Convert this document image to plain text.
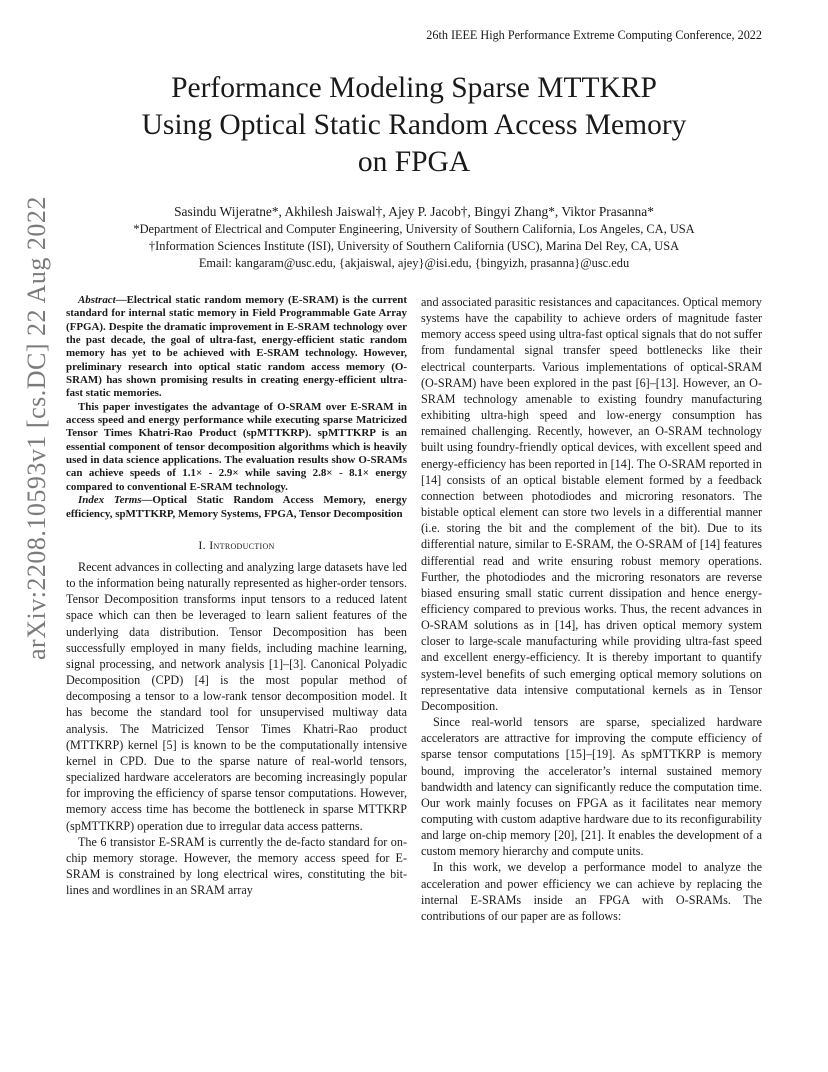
26th IEEE High Performance Extreme Computing Conference, 2022
Performance Modeling Sparse MTTKRP
Using Optical Static Random Access Memory
on FPGA
Sasindu Wijeratne*, Akhilesh Jaiswal†, Ajey P. Jacob†, Bingyi Zhang*, Viktor Prasanna*
*Department of Electrical and Computer Engineering, University of Southern California, Los Angeles, CA, USA
†Information Sciences Institute (ISI), University of Southern California (USC), Marina Del Rey, CA, USA
Email: kangaram@usc.edu, {akjaiswal, ajey}@isi.edu, {bingyizh, prasanna}@usc.edu
arXiv:2208.10593v1 [cs.DC] 22 Aug 2022	Abstract—Electrical static random memory (E-SRAM) is the current standard for internal static memory in Field Programmable Gate Array (FPGA). Despite the dramatic improvement in E-SRAM technology over the past decade, the goal of ultra-fast, energy-efficient static random memory has yet to be achieved with E-SRAM technology. However, preliminary research into optical static random access memory (O-SRAM) has shown promising results in creating energy-efficient ultra-fast static memories.

This paper investigates the advantage of O-SRAM over E-SRAM in access speed and energy performance while executing sparse Matricized Tensor Times Khatri-Rao Product (spMTTKRP). spMTTKRP is an essential component of tensor decomposition algorithms which is heavily used in data science applications. The evaluation results show O-SRAMs can achieve speeds of 1.1× - 2.9× while saving 2.8× - 8.1× energy compared to conventional E-SRAM technology.

Index Terms—Optical Static Random Access Memory, energy efficiency, spMTTKRP, Memory Systems, FPGA, Tensor Decomposition

I. Introduction

Recent advances in collecting and analyzing large datasets have led to the information being naturally represented as higher-order tensors. Tensor Decomposition transforms input tensors to a reduced latent space which can then be leveraged to learn salient features of the underlying data distribution. Tensor Decomposition has been successfully employed in many fields, including machine learning, signal processing, and network analysis [1]–[3]. Canonical Polyadic Decomposition (CPD) [4] is the most popular method of decomposing a tensor to a low-rank tensor decomposition model. It has become the standard tool for unsupervised multiway data analysis. The Matricized Tensor Times Khatri-Rao product (MTTKRP) kernel [5] is known to be the computationally intensive kernel in CPD. Due to the sparse nature of real-world tensors, specialized hardware accelerators are becoming increasingly popular for improving the efficiency of sparse tensor computations. However, memory access time has become the bottleneck in sparse MTTKRP (spMTTKRP) operation due to irregular data access patterns.

The 6 transistor E-SRAM is currently the de-facto standard for on-chip memory storage. However, the memory access speed for E-SRAM is constrained by long electrical wires, constituting the bit-lines and wordlines in an SRAM array

and associated parasitic resistances and capacitances. Optical memory systems have the capability to achieve orders of magnitude faster memory access speed using ultra-fast optical signals that do not suffer from fundamental signal transfer speed bottlenecks like their electrical counterparts. Various implementations of optical-SRAM (O-SRAM) have been explored in the past [6]–[13]. However, an O-SRAM technology amenable to existing foundry manufacturing exhibiting ultra-high speed and low-energy consumption has remained challenging. Recently, however, an O-SRAM technology built using foundry-friendly optical devices, with excellent speed and energy-efficiency has been reported in [14]. The O-SRAM reported in [14] consists of an optical bistable element formed by a feedback connection between photodiodes and microring resonators. The bistable optical element can store two levels in a differential manner (i.e. storing the bit and the complement of the bit). Due to its differential nature, similar to E-SRAM, the O-SRAM of [14] features differential read and write ensuring robust memory operations. Further, the photodiodes and the microring resonators are reverse biased ensuring small static current dissipation and hence energy-efficiency compared to previous works. Thus, the recent advances in O-SRAM solutions as in [14], has driven optical memory system closer to large-scale manufacturing while providing ultra-fast speed and excellent energy-efficiency. It is thereby important to quantify system-level benefits of such emerging optical memory solutions on representative data intensive computational kernels as in Tensor Decomposition.

Since real-world tensors are sparse, specialized hardware accelerators are attractive for improving the compute efficiency of sparse tensor computations [15]–[19]. As spMTTKRP is memory bound, improving the accelerator’s internal sustained memory bandwidth and latency can significantly reduce the computation time. Our work mainly focuses on FPGA as it facilitates near memory computing with custom adaptive hardware due to its reconfigurability and large on-chip memory [20], [21]. It enables the development of a custom memory hierarchy and compute units.

In this work, we develop a performance model to analyze the acceleration and power efficiency we can achieve by replacing the internal E-SRAMs inside an FPGA with O-SRAMs. The contributions of our paper are as follows:
